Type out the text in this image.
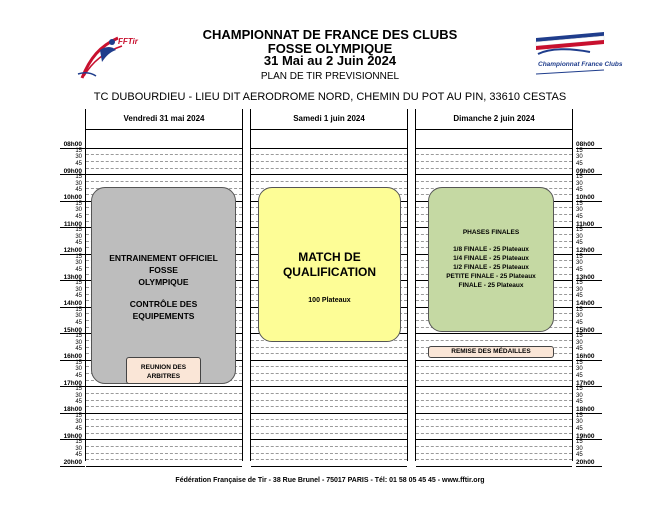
FFTir
Championnat France Clubs
CHAMPIONNAT DE FRANCE DES CLUBS
FOSSE OLYMPIQUE
31 Mai au 2 Juin 2024
PLAN DE TIR PREVISIONNEL
TC DUBOURDIEU - LIEU DIT AERODROME NORD, CHEMIN DU POT AU PIN, 33610 CESTAS
Vendredi 31 mai 2024	Samedi 1 juin 2024	Dimanche 2 juin 2024
08h00
15
30
45
09h00
15
30
45
10h00
15
30
45
11h00
15
30
45
12h00
15
30
45
13h00
15
30
45
14h00
15
30
45
15h00
15
30
45
16h00
15
30
45
17h00
15
30
45
18h00
15
30
45
19h00
15
30
45
20h00
08h00
15
30
45
09h00
15
30
45
10h00
15
30
45
11h00
15
30
45
12h00
15
30
45
13h00
15
30
45
14h00
15
30
45
15h00
15
30
45
16h00
15
30
45
17h00
15
30
45
18h00
15
30
45
19h00
15
30
45
20h00
ENTRAINEMENT OFFICIEL
FOSSE
OLYMPIQUE
CONTRÔLE DES
EQUIPEMENTS
REUNION DES
ARBITRES
MATCH DE
QUALIFICATION
100 Plateaux
PHASES FINALES
1/8 FINALE - 25 Plateaux
1/4 FINALE - 25 Plateaux
1/2 FINALE - 25 Plateaux
PETITE FINALE - 25 Plateaux
FINALE - 25 Plateaux
REMISE DES MÉDAILLES
Fédération Française de Tir - 38 Rue Brunel - 75017 PARIS - Tél: 01 58 05 45 45 - www.fftir.org
